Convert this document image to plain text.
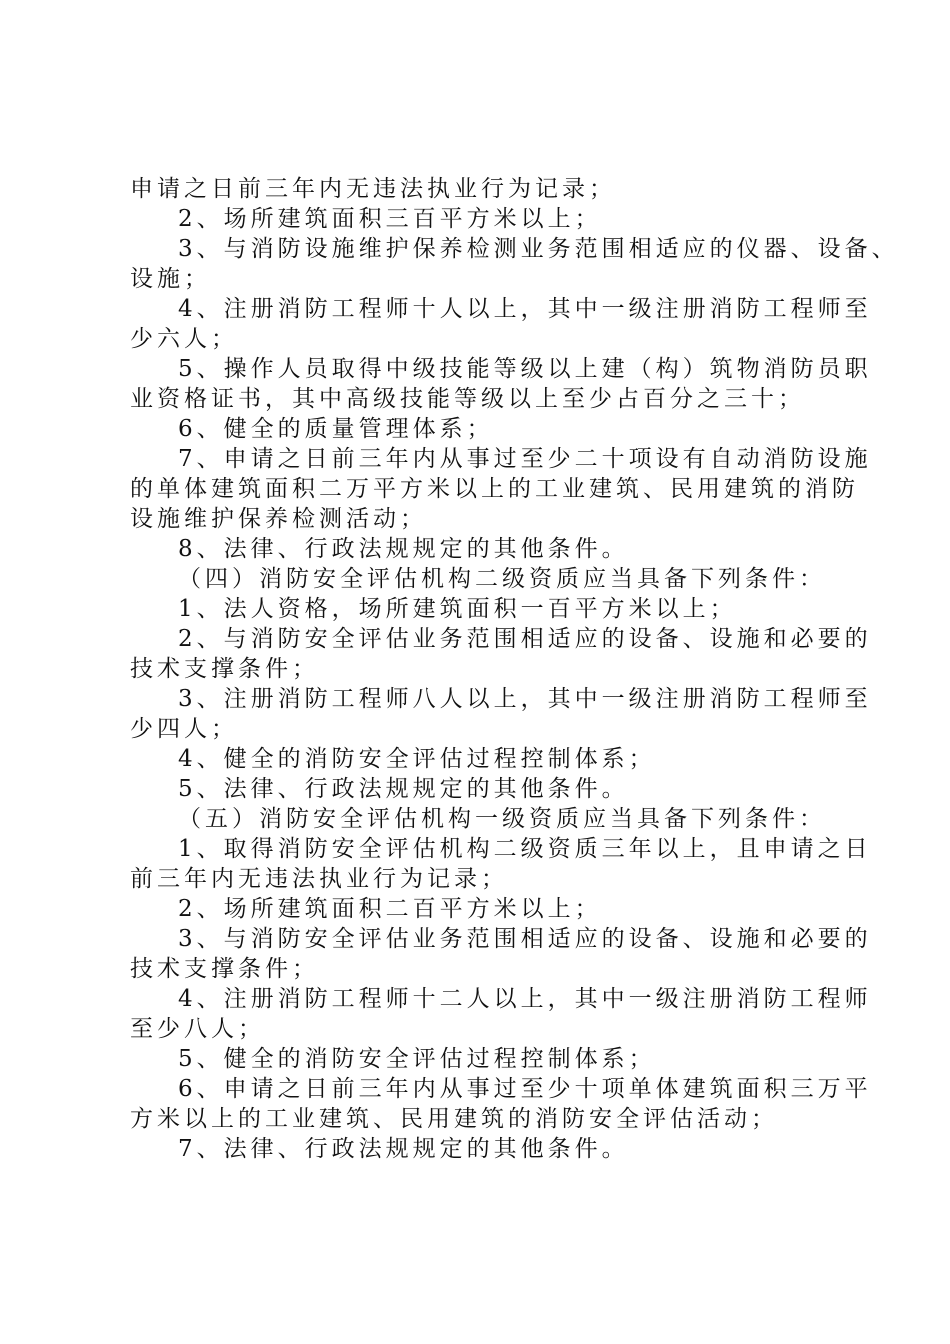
申请之日前三年内无违法执业行为记录；
2、场所建筑面积三百平方米以上；
3、与消防设施维护保养检测业务范围相适应的仪器、设备、
设施；
4、注册消防工程师十人以上，其中一级注册消防工程师至
少六人；
5、操作人员取得中级技能等级以上建（构）筑物消防员职
业资格证书，其中高级技能等级以上至少占百分之三十；
6、健全的质量管理体系；
7、申请之日前三年内从事过至少二十项设有自动消防设施
的单体建筑面积二万平方米以上的工业建筑、民用建筑的消防
设施维护保养检测活动；
8、法律、行政法规规定的其他条件。
（四）消防安全评估机构二级资质应当具备下列条件：
1、法人资格，场所建筑面积一百平方米以上；
2、与消防安全评估业务范围相适应的设备、设施和必要的
技术支撑条件；
3、注册消防工程师八人以上，其中一级注册消防工程师至
少四人；
4、健全的消防安全评估过程控制体系；
5、法律、行政法规规定的其他条件。
（五）消防安全评估机构一级资质应当具备下列条件：
1、取得消防安全评估机构二级资质三年以上，且申请之日
前三年内无违法执业行为记录；
2、场所建筑面积二百平方米以上；
3、与消防安全评估业务范围相适应的设备、设施和必要的
技术支撑条件；
4、注册消防工程师十二人以上，其中一级注册消防工程师
至少八人；
5、健全的消防安全评估过程控制体系；
6、申请之日前三年内从事过至少十项单体建筑面积三万平
方米以上的工业建筑、民用建筑的消防安全评估活动；
7、法律、行政法规规定的其他条件。
